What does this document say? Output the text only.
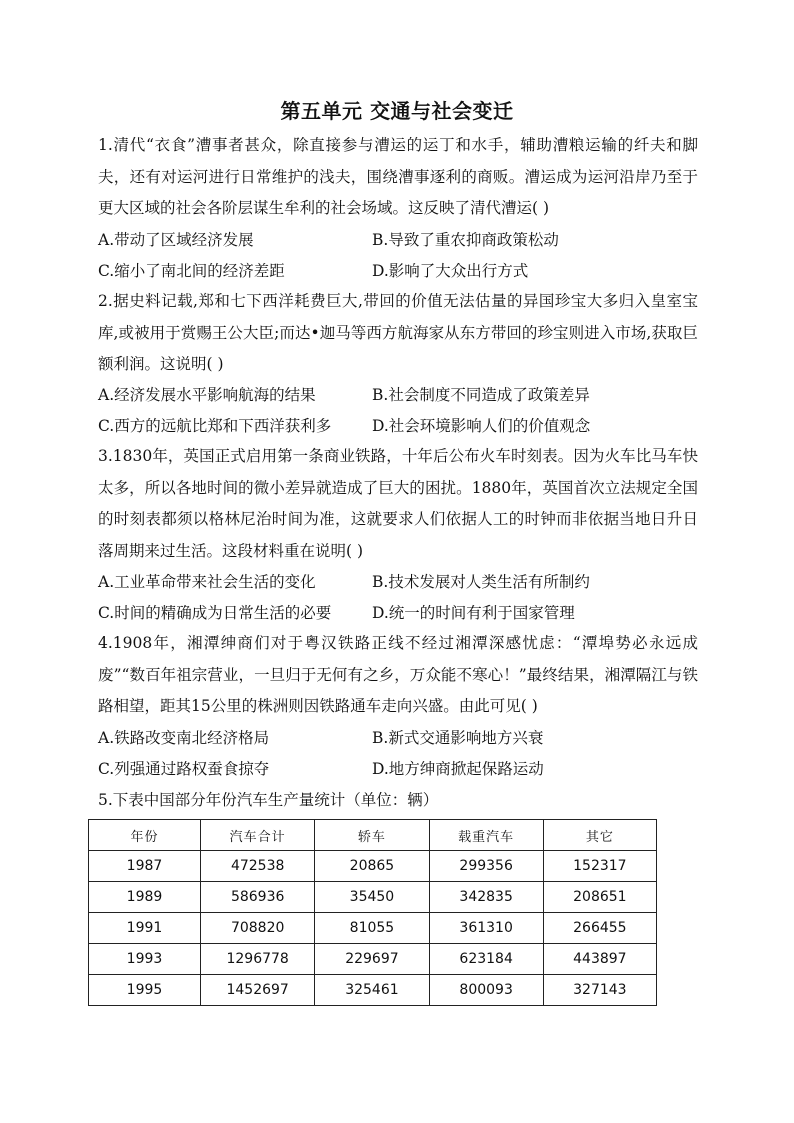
第五单元 交通与社会变迁
1.清代“衣食”漕事者甚众，除直接参与漕运的运丁和水手，辅助漕粮运输的纤夫和脚夫，还有对运河进行日常维护的浅夫，围绕漕事逐利的商贩。漕运成为运河沿岸乃至于更大区域的社会各阶层谋生牟利的社会场域。这反映了清代漕运( )
A.带动了区域经济发展	B.导致了重农抑商政策松动
C.缩小了南北间的经济差距	D.影响了大众出行方式
2.据史料记载,郑和七下西洋耗费巨大,带回的价值无法估量的异国珍宝大多归入皇室宝库,或被用于赏赐王公大臣;而达•迦马等西方航海家从东方带回的珍宝则进入市场,获取巨额利润。这说明( )
A.经济发展水平影响航海的结果	B.社会制度不同造成了政策差异
C.西方的远航比郑和下西洋获利多	D.社会环境影响人们的价值观念
3.1830年，英国正式启用第一条商业铁路，十年后公布火车时刻表。因为火车比马车快太多，所以各地时间的微小差异就造成了巨大的困扰。1880年，英国首次立法规定全国的时刻表都须以格林尼治时间为准，这就要求人们依据人工的时钟而非依据当地日升日落周期来过生活。这段材料重在说明( )
A.工业革命带来社会生活的变化	B.技术发展对人类生活有所制约
C.时间的精确成为日常生活的必要	D.统一的时间有利于国家管理
4.1908年，湘潭绅商们对于粤汉铁路正线不经过湘潭深感忧虑：“潭埠势必永远成废”“数百年祖宗营业，一旦归于无何有之乡，万众能不寒心！”最终结果，湘潭隔江与铁路相望，距其15公里的株洲则因铁路通车走向兴盛。由此可见( )
A.铁路改变南北经济格局	B.新式交通影响地方兴衰
C.列强通过路权蚕食掠夺	D.地方绅商掀起保路运动
5.下表中国部分年份汽车生产量统计（单位：辆）
年份	汽车合计	轿车	载重汽车	其它
1987	472538	20865	299356	152317
1989	586936	35450	342835	208651
1991	708820	81055	361310	266455
1993	1296778	229697	623184	443897
1995	1452697	325461	800093	327143
